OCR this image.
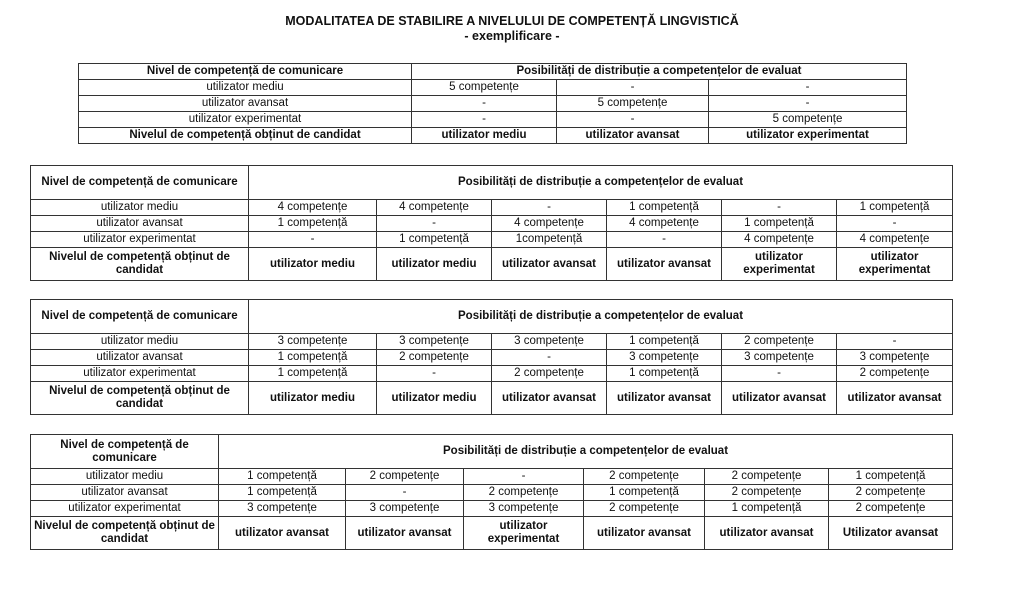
MODALITATEA DE STABILIRE A NIVELULUI DE COMPETENȚĂ LINGVISTICĂ
- exemplificare -
Nivel de competență de comunicare	Posibilități de distribuție a competențelor de evaluat		
utilizator mediu	5 competențe	-	-
utilizator avansat	-	5 competențe	-
utilizator experimentat	-	-	5 competențe
Nivelul de competență obținut de candidat	utilizator mediu	utilizator avansat	utilizator experimentat
Nivel de competență de comunicare	Posibilități de distribuție a competențelor de evaluat					
utilizator mediu	4 competențe	4 competențe	-	1 competență	-	1 competență
utilizator avansat	1 competență	-	4 competențe	4 competențe	1 competență	-
utilizator experimentat	-	1 competență	1competență	-	4 competențe	4 competențe
Nivelul de competență obținut de candidat	utilizator mediu	utilizator mediu	utilizator avansat	utilizator avansat	utilizator experimentat	utilizator experimentat
Nivel de competență de comunicare	Posibilități de distribuție a competențelor de evaluat					
utilizator mediu	3 competențe	3 competențe	3 competențe	1 competență	2 competențe	-
utilizator avansat	1 competență	2 competențe	-	3 competențe	3 competențe	3 competențe
utilizator experimentat	1 competență	-	2 competențe	1 competență	-	2 competențe
Nivelul de competență obținut de candidat	utilizator mediu	utilizator mediu	utilizator avansat	utilizator avansat	utilizator avansat	utilizator avansat
Nivel de competență de comunicare	Posibilități de distribuție a competențelor de evaluat					
utilizator mediu	1 competență	2 competențe	-	2 competențe	2 competențe	1 competență
utilizator avansat	1 competență	-	2 competențe	1 competență	2 competențe	2 competențe
utilizator experimentat	3 competențe	3 competențe	3 competențe	2 competențe	1 competență	2 competențe
Nivelul de competență obținut de candidat	utilizator avansat	utilizator avansat	utilizator experimentat	utilizator avansat	utilizator avansat	Utilizator avansat
